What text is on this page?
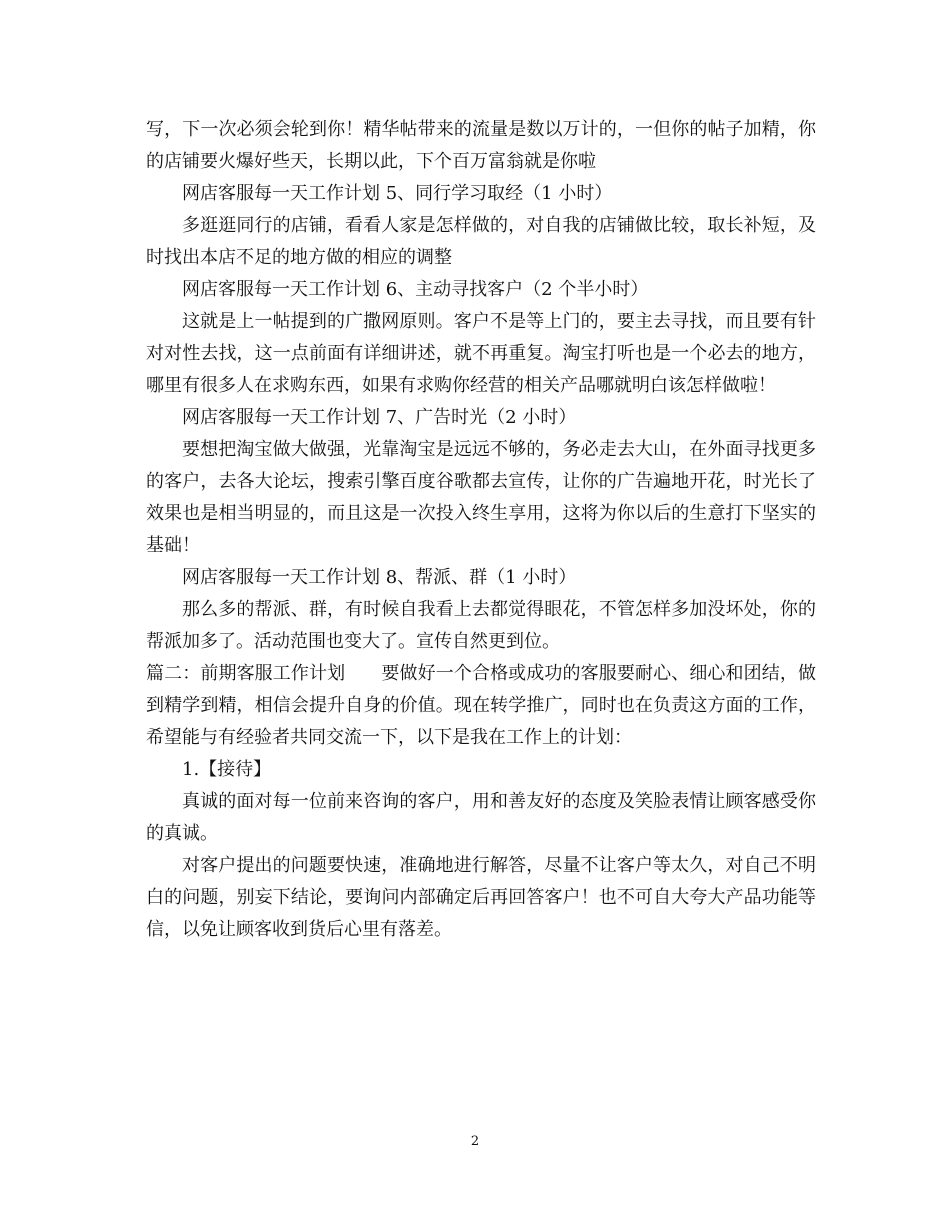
写，下一次必须会轮到你！精华帖带来的流量是数以万计的，一但你的帖子加精，你的店铺要火爆好些天，长期以此，下个百万富翁就是你啦

网店客服每一天工作计划 5、同行学习取经（1 小时）

多逛逛同行的店铺，看看人家是怎样做的，对自我的店铺做比较，取长补短，及时找出本店不足的地方做的相应的调整

网店客服每一天工作计划 6、主动寻找客户（2 个半小时）

这就是上一帖提到的广撒网原则。客户不是等上门的，要主去寻找，而且要有针对对性去找，这一点前面有详细讲述，就不再重复。淘宝打听也是一个必去的地方，哪里有很多人在求购东西，如果有求购你经营的相关产品哪就明白该怎样做啦！

网店客服每一天工作计划 7、广告时光（2 小时）

要想把淘宝做大做强，光靠淘宝是远远不够的，务必走去大山，在外面寻找更多的客户，去各大论坛，搜索引擎百度谷歌都去宣传，让你的广告遍地开花，时光长了效果也是相当明显的，而且这是一次投入终生享用，这将为你以后的生意打下坚实的基础！

网店客服每一天工作计划 8、帮派、群（1 小时）

那么多的帮派、群，有时候自我看上去都觉得眼花，不管怎样多加没坏处，你的帮派加多了。活动范围也变大了。宣传自然更到位。

篇二：前期客服工作计划 要做好一个合格或成功的客服要耐心、细心和团结，做到精学到精，相信会提升自身的价值。现在转学推广，同时也在负责这方面的工作，希望能与有经验者共同交流一下，以下是我在工作上的计划：

1.【接待】

真诚的面对每一位前来咨询的客户，用和善友好的态度及笑脸表情让顾客感受你的真诚。

对客户提出的问题要快速，准确地进行解答，尽量不让客户等太久，对自己不明白的问题，别妄下结论，要询问内部确定后再回答客户！也不可自大夸大产品功能等信，以免让顾客收到货后心里有落差。

2
